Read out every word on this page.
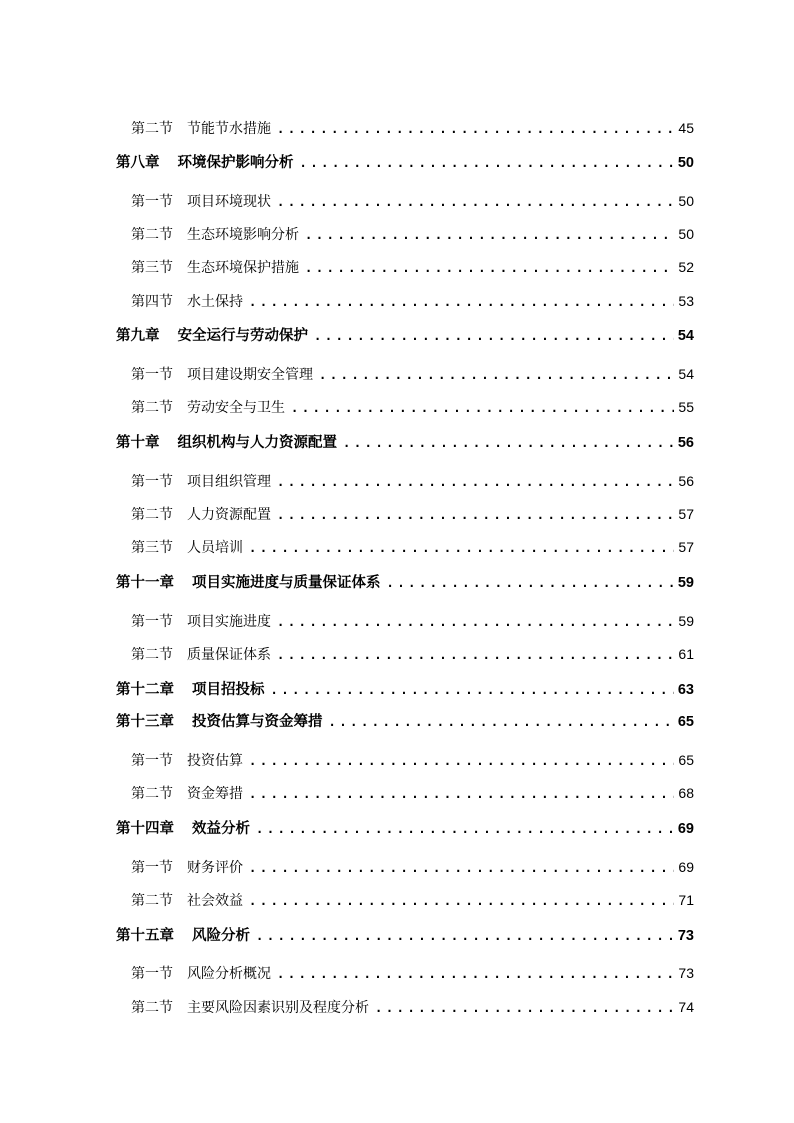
第二节 节能节水措施 .....	45
第八章 环境保护影响分析 .....	50
第一节 项目环境现状 .....	50
第二节 生态环境影响分析 .....	50
第三节 生态环境保护措施 .....	52
第四节 水土保持 .....	53
第九章 安全运行与劳动保护 .....	54
第一节 项目建设期安全管理 .....	54
第二节 劳动安全与卫生 .....	55
第十章 组织机构与人力资源配置 .....	56
第一节 项目组织管理 .....	56
第二节 人力资源配置 .....	57
第三节 人员培训 .....	57
第十一章 项目实施进度与质量保证体系 .....	59
第一节 项目实施进度 .....	59
第二节 质量保证体系 .....	61
第十二章 项目招投标 .....	63
第十三章 投资估算与资金筹措 .....	65
第一节 投资估算 .....	65
第二节 资金筹措 .....	68
第十四章 效益分析 .....	69
第一节 财务评价 .....	69
第二节 社会效益 .....	71
第十五章 风险分析 .....	73
第一节 风险分析概况 .....	73
第二节 主要风险因素识别及程度分析 .....	74
